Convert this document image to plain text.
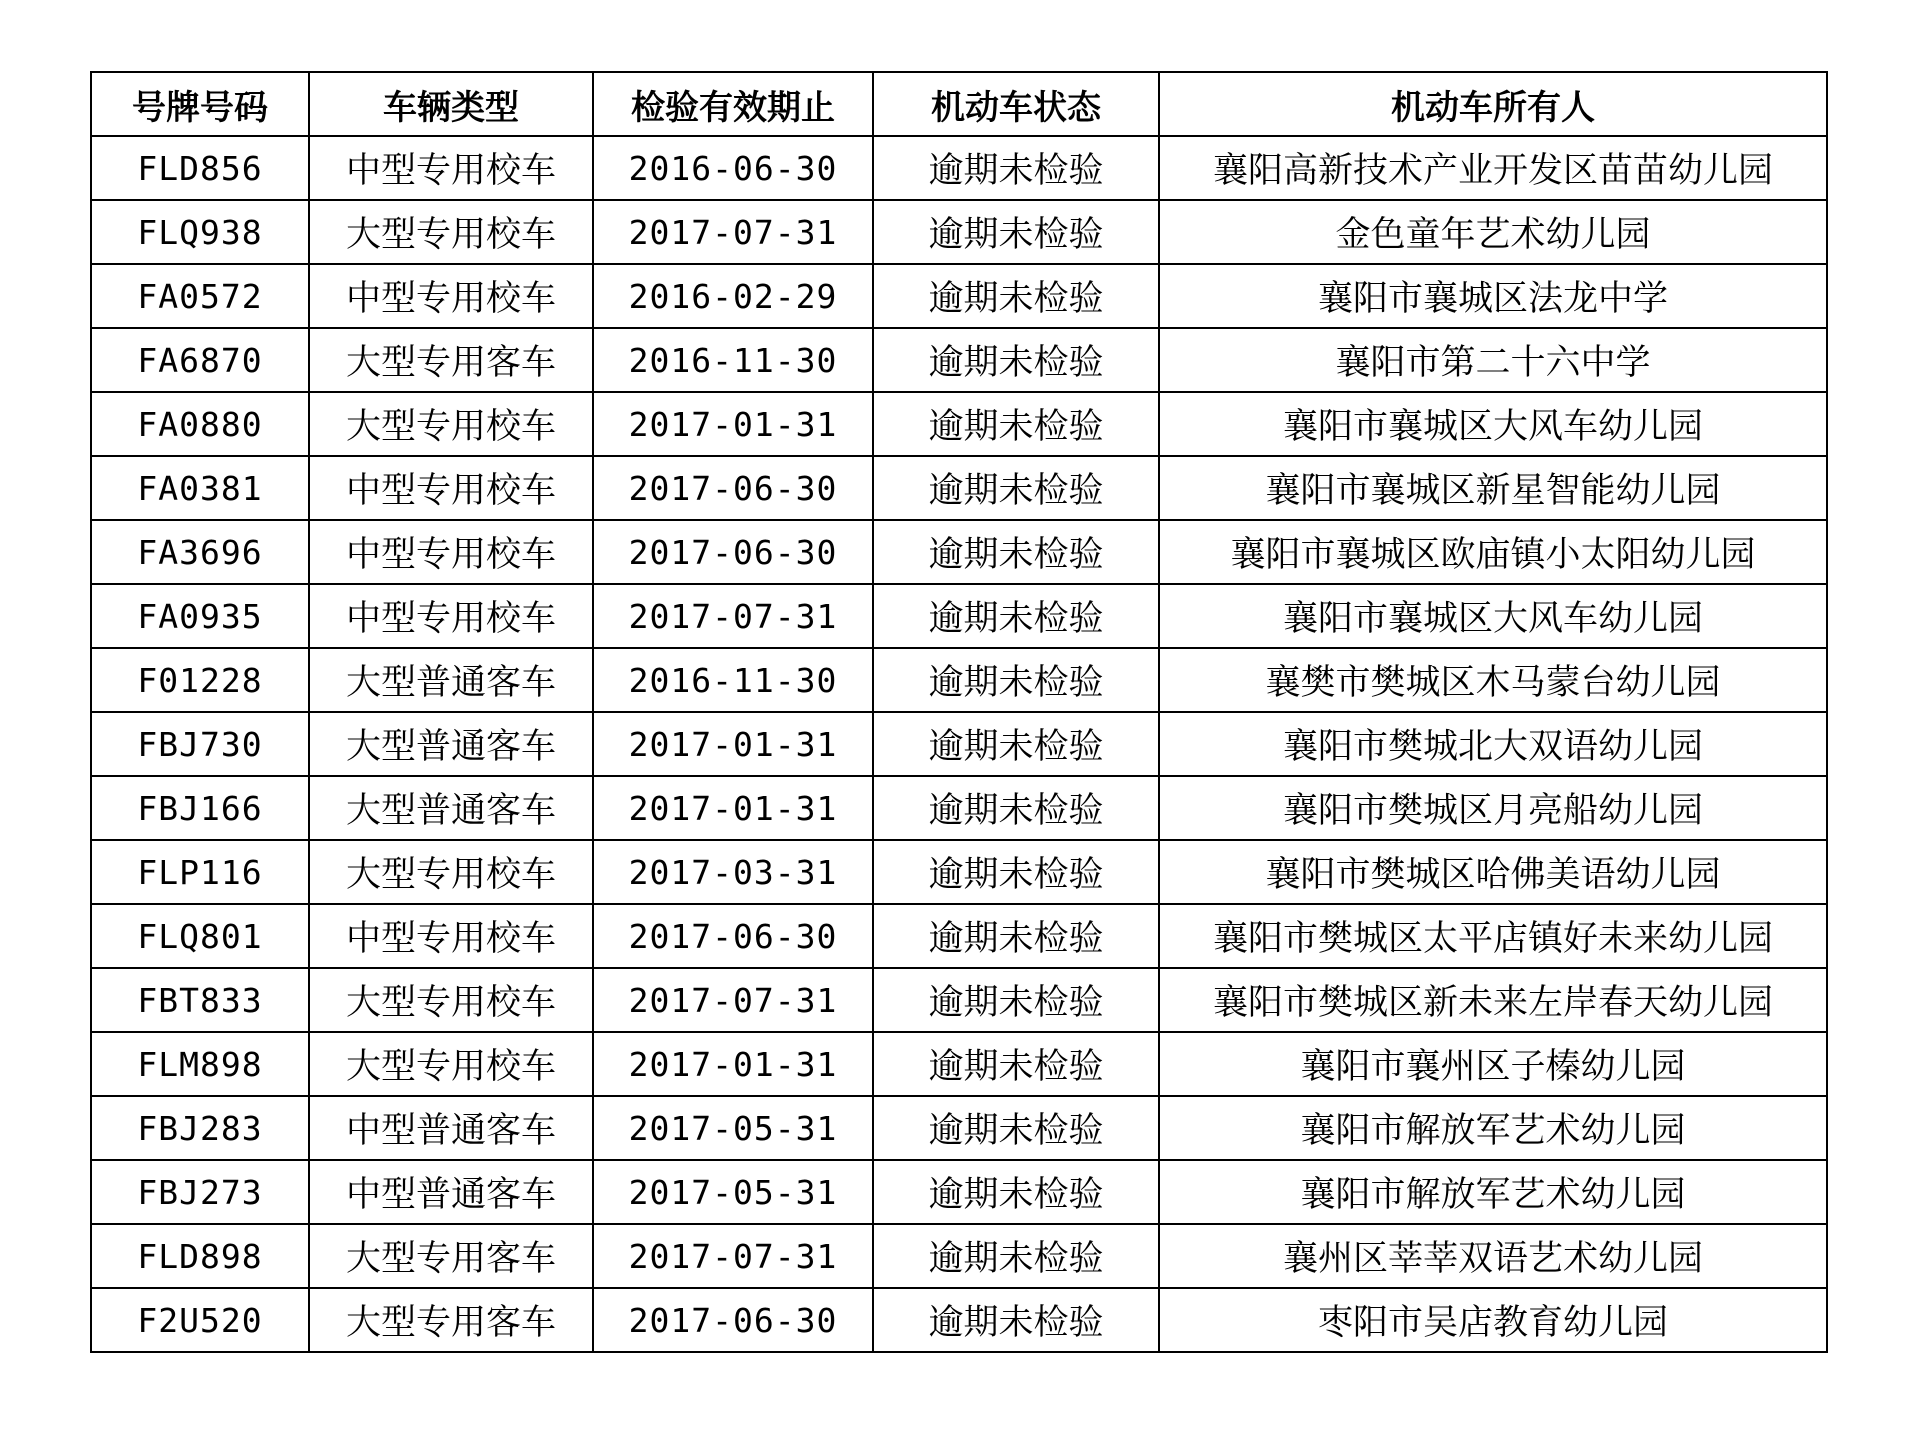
号牌号码	车辆类型	检验有效期止	机动车状态	机动车所有人
FLD856	中型专用校车	2016-06-30	逾期未检验	襄阳高新技术产业开发区苗苗幼儿园
FLQ938	大型专用校车	2017-07-31	逾期未检验	金色童年艺术幼儿园
FA0572	中型专用校车	2016-02-29	逾期未检验	襄阳市襄城区法龙中学
FA6870	大型专用客车	2016-11-30	逾期未检验	襄阳市第二十六中学
FA0880	大型专用校车	2017-01-31	逾期未检验	襄阳市襄城区大风车幼儿园
FA0381	中型专用校车	2017-06-30	逾期未检验	襄阳市襄城区新星智能幼儿园
FA3696	中型专用校车	2017-06-30	逾期未检验	襄阳市襄城区欧庙镇小太阳幼儿园
FA0935	中型专用校车	2017-07-31	逾期未检验	襄阳市襄城区大风车幼儿园
F01228	大型普通客车	2016-11-30	逾期未检验	襄樊市樊城区木马蒙台幼儿园
FBJ730	大型普通客车	2017-01-31	逾期未检验	襄阳市樊城北大双语幼儿园
FBJ166	大型普通客车	2017-01-31	逾期未检验	襄阳市樊城区月亮船幼儿园
FLP116	大型专用校车	2017-03-31	逾期未检验	襄阳市樊城区哈佛美语幼儿园
FLQ801	中型专用校车	2017-06-30	逾期未检验	襄阳市樊城区太平店镇好未来幼儿园
FBT833	大型专用校车	2017-07-31	逾期未检验	襄阳市樊城区新未来左岸春天幼儿园
FLM898	大型专用校车	2017-01-31	逾期未检验	襄阳市襄州区子榛幼儿园
FBJ283	中型普通客车	2017-05-31	逾期未检验	襄阳市解放军艺术幼儿园
FBJ273	中型普通客车	2017-05-31	逾期未检验	襄阳市解放军艺术幼儿园
FLD898	大型专用客车	2017-07-31	逾期未检验	襄州区莘莘双语艺术幼儿园
F2U520	大型专用客车	2017-06-30	逾期未检验	枣阳市吴店教育幼儿园
